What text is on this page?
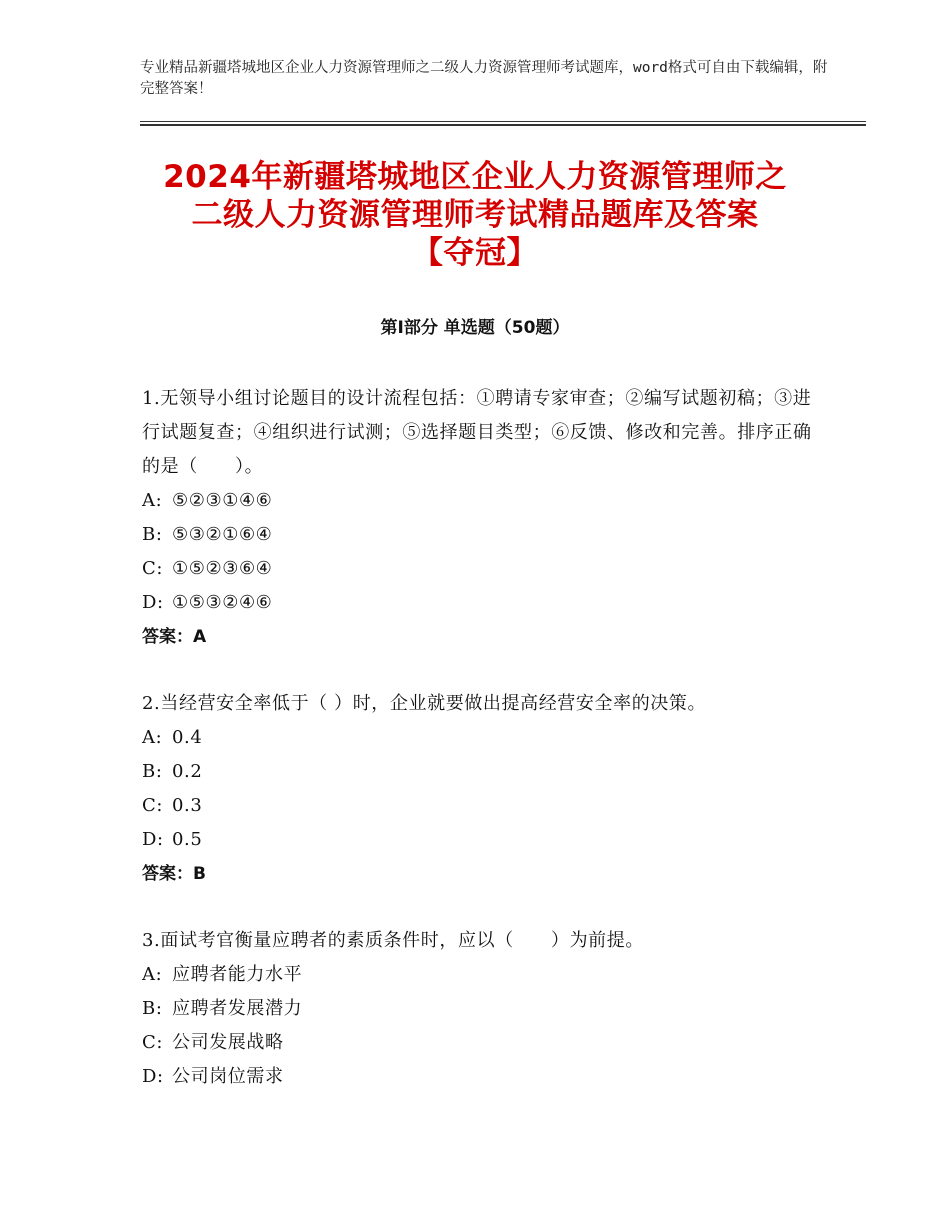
专业精品新疆塔城地区企业人力资源管理师之二级人力资源管理师考试题库，word格式可自由下载编辑，附完整答案！
2024年新疆塔城地区企业人力资源管理师之
二级人力资源管理师考试精品题库及答案
【夺冠】
第Ⅰ部分 单选题（50题）
1.无领导小组讨论题目的设计流程包括：①聘请专家审查；②编写试题初稿；③进行试题复查；④组织进行试测；⑤选择题目类型；⑥反馈、修改和完善。排序正确的是（　　）。
A: ⑤②③①④⑥
B: ⑤③②①⑥④
C: ①⑤②③⑥④
D: ①⑤③②④⑥
答案：A
2.当经营安全率低于（ ）时，企业就要做出提高经营安全率的决策。
A: 0.4
B: 0.2
C: 0.3
D: 0.5
答案：B
3.面试考官衡量应聘者的素质条件时，应以（　　）为前提。
A: 应聘者能力水平
B: 应聘者发展潜力
C: 公司发展战略
D: 公司岗位需求
